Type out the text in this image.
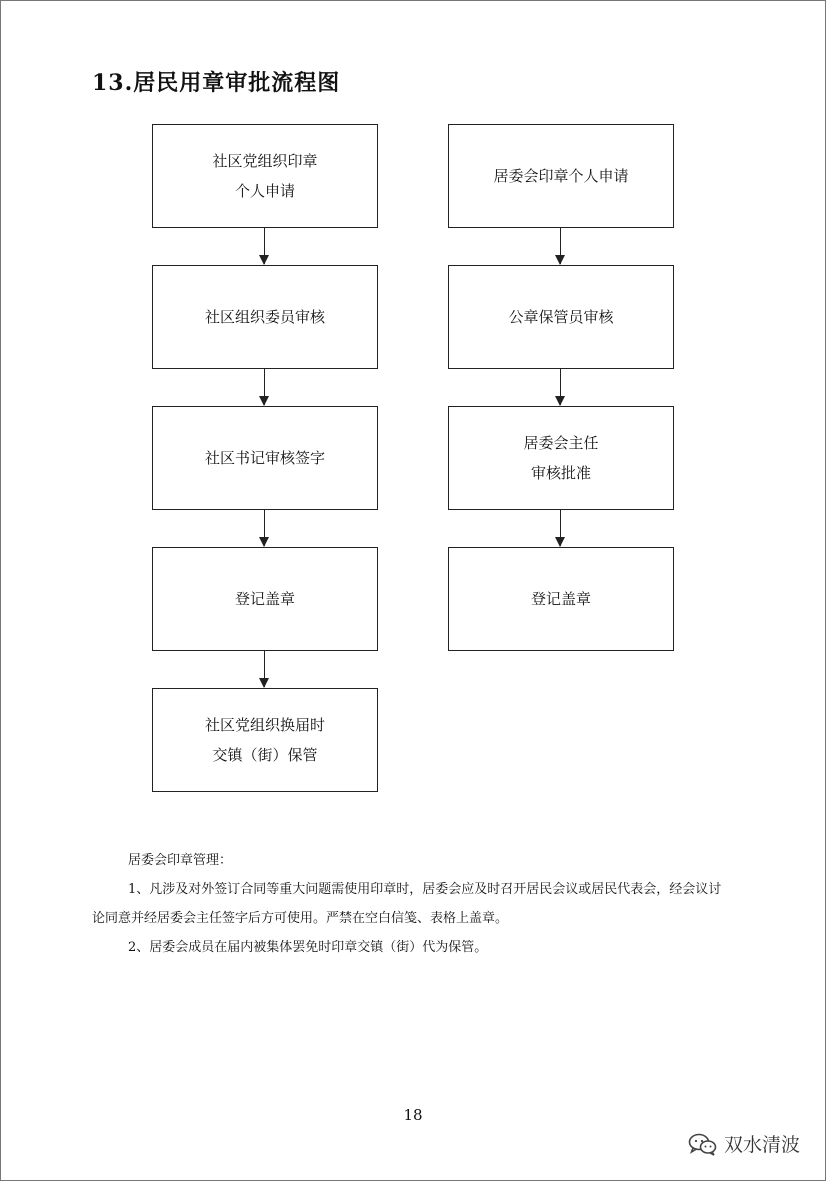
13.居民用章审批流程图
社区党组织印章
个人申请
社区组织委员审核
社区书记审核签字
登记盖章
社区党组织换届时
交镇（街）保管
居委会印章个人申请
公章保管员审核
居委会主任
审核批准
登记盖章

居委会印章管理：

1、凡涉及对外签订合同等重大问题需使用印章时，居委会应及时召开居民会议或居民代表会，经会议讨论同意并经居委会主任签字后方可使用。严禁在空白信笺、表格上盖章。

2、居委会成员在届内被集体罢免时印章交镇（街）代为保管。

18
双水清波
